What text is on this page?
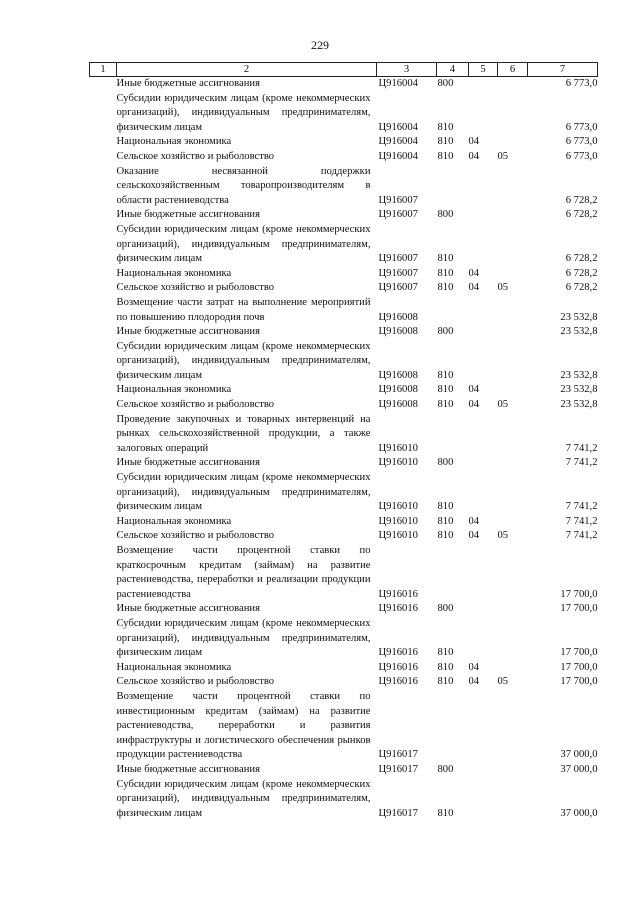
229
1	2	3	4	5	6	7
	Иные бюджетные ассигнования	Ц916004	800			6 773,0
	Субсидии юридическим лицам (кроме некоммерческих организаций), индивидуальным предпринимателям, физическим лицам	Ц916004	810			6 773,0
	Национальная экономика	Ц916004	810	04		6 773,0
	Сельское хозяйство и рыболовство	Ц916004	810	04	05	6 773,0
	Оказание несвязанной поддержки сельскохозяйственным товаропроизводителям в области растениеводства	Ц916007				6 728,2
	Иные бюджетные ассигнования	Ц916007	800			6 728,2
	Субсидии юридическим лицам (кроме некоммерческих организаций), индивидуальным предпринимателям, физическим лицам	Ц916007	810			6 728,2
	Национальная экономика	Ц916007	810	04		6 728,2
	Сельское хозяйство и рыболовство	Ц916007	810	04	05	6 728,2
	Возмещение части затрат на выполнение мероприятий по повышению плодородия почв	Ц916008				23 532,8
	Иные бюджетные ассигнования	Ц916008	800			23 532,8
	Субсидии юридическим лицам (кроме некоммерческих организаций), индивидуальным предпринимателям, физическим лицам	Ц916008	810			23 532,8
	Национальная экономика	Ц916008	810	04		23 532,8
	Сельское хозяйство и рыболовство	Ц916008	810	04	05	23 532,8
	Проведение закупочных и товарных интервенций на рынках сельскохозяйственной продукции, а также залоговых операций	Ц916010				7 741,2
	Иные бюджетные ассигнования	Ц916010	800			7 741,2
	Субсидии юридическим лицам (кроме некоммерческих организаций), индивидуальным предпринимателям, физическим лицам	Ц916010	810			7 741,2
	Национальная экономика	Ц916010	810	04		7 741,2
	Сельское хозяйство и рыболовство	Ц916010	810	04	05	7 741,2
	Возмещение части процентной ставки по краткосрочным кредитам (займам) на развитие растениеводства, переработки и реализации продукции растениеводства	Ц916016				17 700,0
	Иные бюджетные ассигнования	Ц916016	800			17 700,0
	Субсидии юридическим лицам (кроме некоммерческих организаций), индивидуальным предпринимателям, физическим лицам	Ц916016	810			17 700,0
	Национальная экономика	Ц916016	810	04		17 700,0
	Сельское хозяйство и рыболовство	Ц916016	810	04	05	17 700,0
	Возмещение части процентной ставки по инвестиционным кредитам (займам) на развитие растениеводства, переработки и развития инфраструктуры и логистического обеспечения рынков продукции растениеводства	Ц916017				37 000,0
	Иные бюджетные ассигнования	Ц916017	800			37 000,0
	Субсидии юридическим лицам (кроме некоммерческих организаций), индивидуальным предпринимателям, физическим лицам	Ц916017	810			37 000,0
